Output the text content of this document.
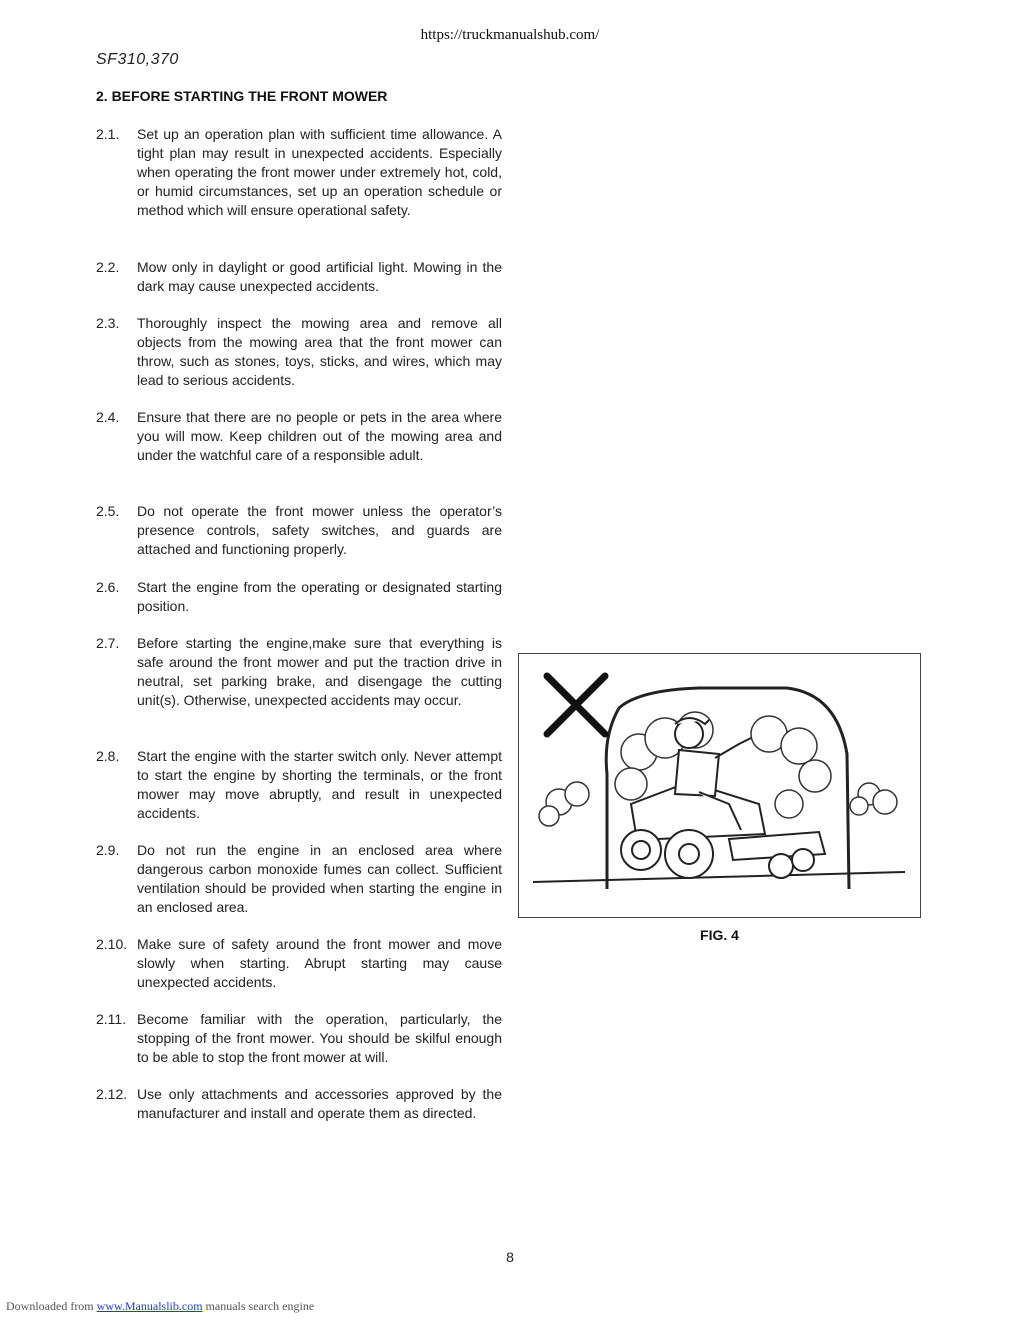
https://truckmanualshub.com/
SF310,370
2. BEFORE STARTING THE FRONT MOWER
2.1. Set up an operation plan with sufficient time allowance. A tight plan may result in unexpected accidents. Especially when operating the front mower under extremely hot, cold, or humid circumstances, set up an operation schedule or method which will ensure operational safety.
2.2. Mow only in daylight or good artificial light. Mowing in the dark may cause unexpected accidents.
2.3. Thoroughly inspect the mowing area and remove all objects from the mowing area that the front mower can throw, such as stones, toys, sticks, and wires, which may lead to serious accidents.
2.4. Ensure that there are no people or pets in the area where you will mow. Keep children out of the mowing area and under the watchful care of a responsible adult.
2.5. Do not operate the front mower unless the operator’s presence controls, safety switches, and guards are attached and functioning properly.
2.6. Start the engine from the operating or designated starting position.
2.7. Before starting the engine,make sure that everything is safe around the front mower and put the traction drive in neutral, set parking brake, and disengage the cutting unit(s). Otherwise, unexpected accidents may occur.
2.8. Start the engine with the starter switch only. Never attempt to start the engine by shorting the terminals, or the front mower may move abruptly, and result in unexpected accidents.
2.9. Do not run the engine in an enclosed area where dangerous carbon monoxide fumes can collect. Sufficient ventilation should be provided when starting the engine in an enclosed area.
2.10. Make sure of safety around the front mower and move slowly when starting. Abrupt starting may cause unexpected accidents.
2.11. Become familiar with the operation, particularly, the stopping of the front mower. You should be skilful enough to be able to stop the front mower at will.
2.12. Use only attachments and accessories approved by the manufacturer and install and operate them as directed.
FIG. 4
8
Downloaded from www.Manualslib.com manuals search engine
